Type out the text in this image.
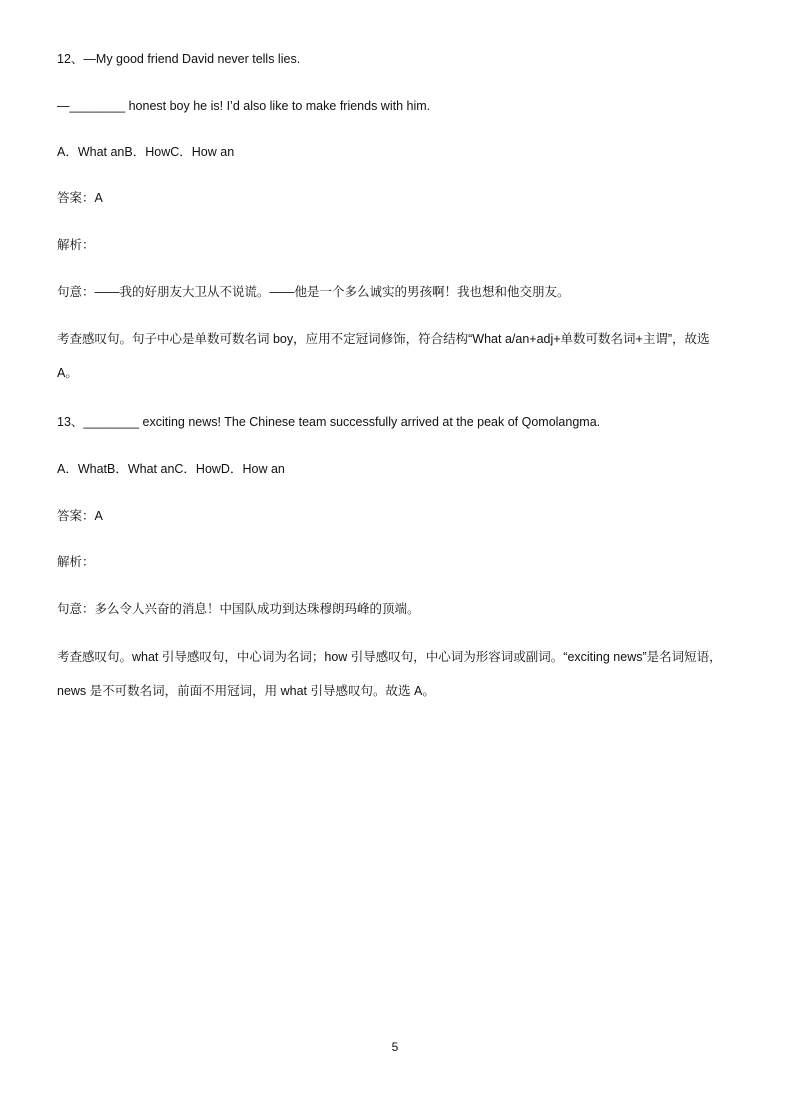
12、—My good friend David never tells lies.
—________ honest boy he is! I’d also like to make friends with him.
A．What anB．HowC．How an
答案：A
解析：
句意：——我的好朋友大卫从不说谎。——他是一个多么诚实的男孩啊！我也想和他交朋友。
考查感叹句。句子中心是单数可数名词 boy，应用不定冠词修饰，符合结构“What a/an+adj+单数可数名词+主谓”，故选 A。
13、________ exciting news! The Chinese team successfully arrived at the peak of Qomolangma.
A．WhatB．What anC．HowD．How an
答案：A
解析：
句意：多么令人兴奋的消息！中国队成功到达珠穆朗玛峰的顶端。
考查感叹句。what 引导感叹句，中心词为名词；how 引导感叹句，中心词为形容词或副词。“exciting news”是名词短语，news 是不可数名词，前面不用冠词，用 what 引导感叹句。故选 A。
5
